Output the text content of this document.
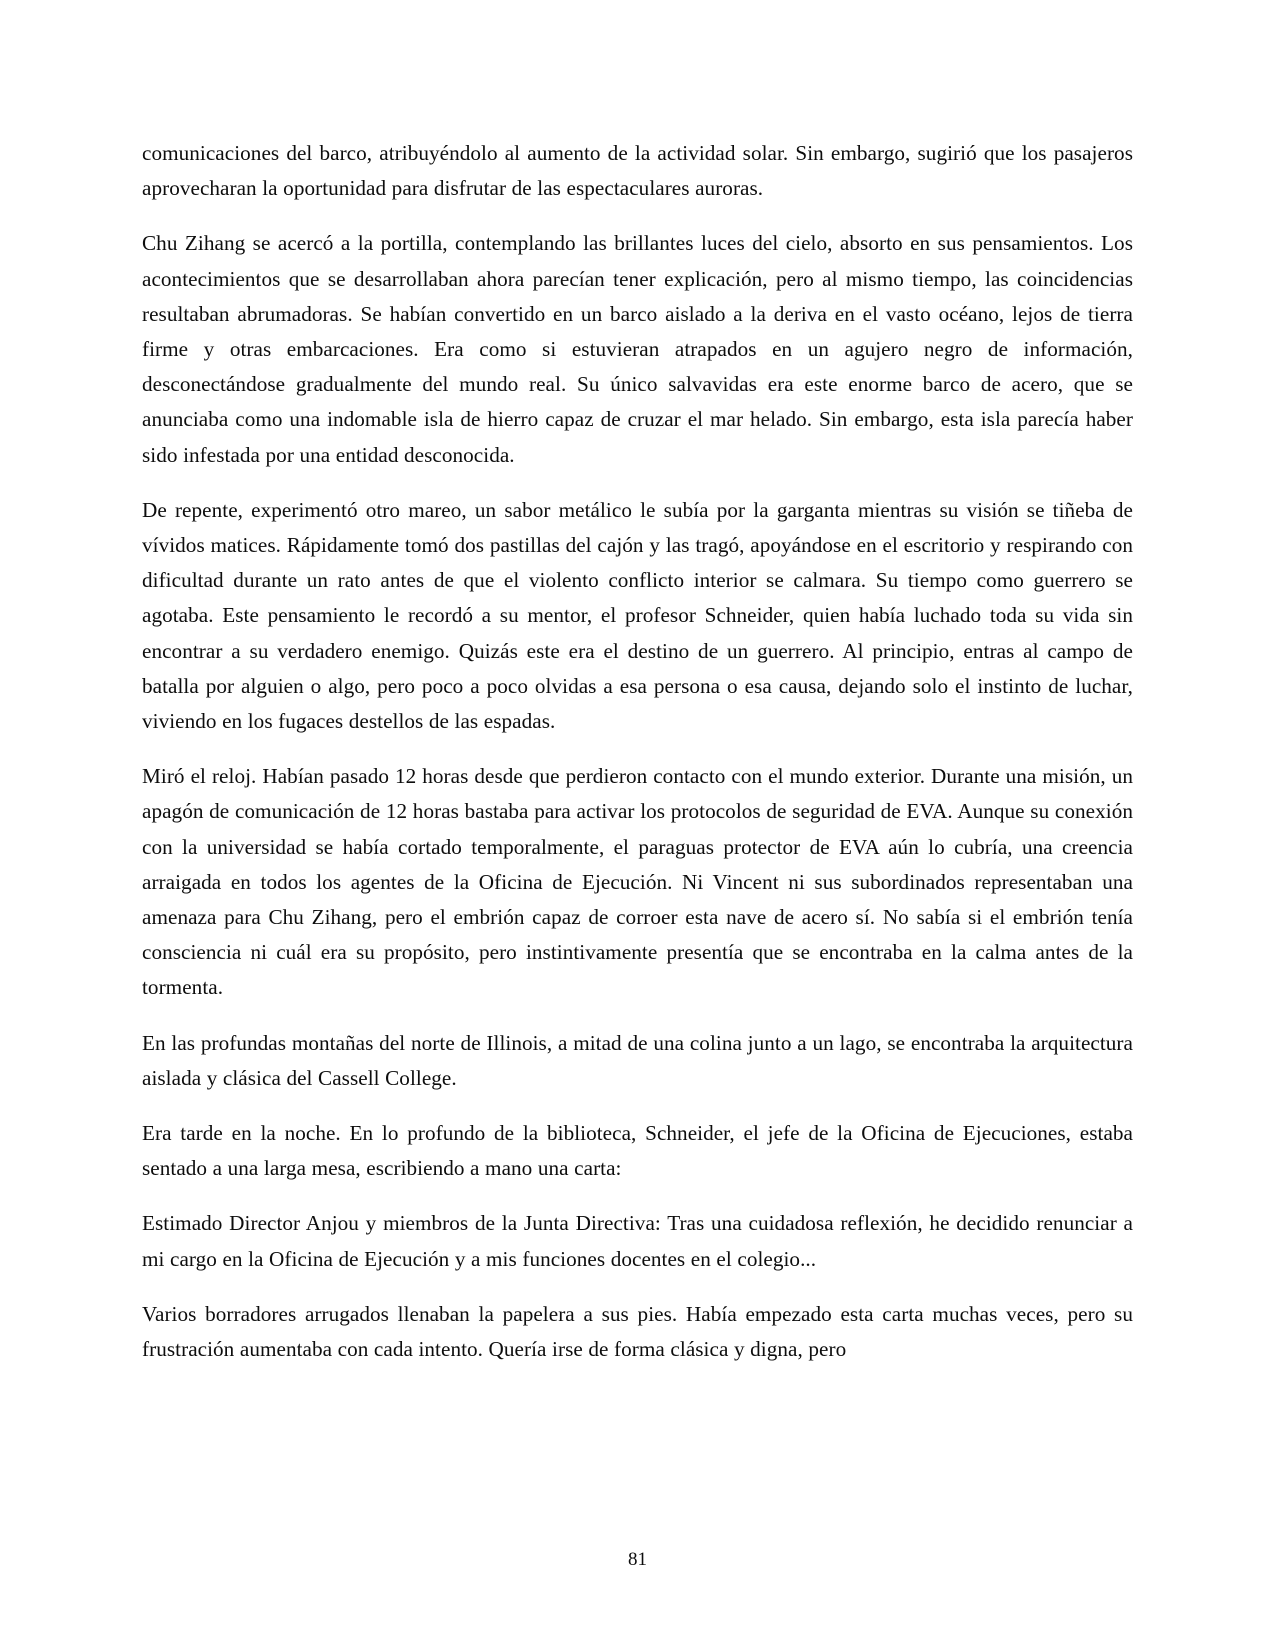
comunicaciones del barco, atribuyéndolo al aumento de la actividad solar. Sin embargo, sugirió que los pasajeros aprovecharan la oportunidad para disfrutar de las espectaculares auroras.

Chu Zihang se acercó a la portilla, contemplando las brillantes luces del cielo, absorto en sus pensamientos. Los acontecimientos que se desarrollaban ahora parecían tener explicación, pero al mismo tiempo, las coincidencias resultaban abrumadoras. Se habían convertido en un barco aislado a la deriva en el vasto océano, lejos de tierra firme y otras embarcaciones. Era como si estuvieran atrapados en un agujero negro de información, desconectándose gradualmente del mundo real. Su único salvavidas era este enorme barco de acero, que se anunciaba como una indomable isla de hierro capaz de cruzar el mar helado. Sin embargo, esta isla parecía haber sido infestada por una entidad desconocida.

De repente, experimentó otro mareo, un sabor metálico le subía por la garganta mientras su visión se tiñeba de vívidos matices. Rápidamente tomó dos pastillas del cajón y las tragó, apoyándose en el escritorio y respirando con dificultad durante un rato antes de que el violento conflicto interior se calmara. Su tiempo como guerrero se agotaba. Este pensamiento le recordó a su mentor, el profesor Schneider, quien había luchado toda su vida sin encontrar a su verdadero enemigo. Quizás este era el destino de un guerrero. Al principio, entras al campo de batalla por alguien o algo, pero poco a poco olvidas a esa persona o esa causa, dejando solo el instinto de luchar, viviendo en los fugaces destellos de las espadas.

Miró el reloj. Habían pasado 12 horas desde que perdieron contacto con el mundo exterior. Durante una misión, un apagón de comunicación de 12 horas bastaba para activar los protocolos de seguridad de EVA. Aunque su conexión con la universidad se había cortado temporalmente, el paraguas protector de EVA aún lo cubría, una creencia arraigada en todos los agentes de la Oficina de Ejecución. Ni Vincent ni sus subordinados representaban una amenaza para Chu Zihang, pero el embrión capaz de corroer esta nave de acero sí. No sabía si el embrión tenía consciencia ni cuál era su propósito, pero instintivamente presentía que se encontraba en la calma antes de la tormenta.

En las profundas montañas del norte de Illinois, a mitad de una colina junto a un lago, se encontraba la arquitectura aislada y clásica del Cassell College.

Era tarde en la noche. En lo profundo de la biblioteca, Schneider, el jefe de la Oficina de Ejecuciones, estaba sentado a una larga mesa, escribiendo a mano una carta:

Estimado Director Anjou y miembros de la Junta Directiva: Tras una cuidadosa reflexión, he decidido renunciar a mi cargo en la Oficina de Ejecución y a mis funciones docentes en el colegio...

Varios borradores arrugados llenaban la papelera a sus pies. Había empezado esta carta muchas veces, pero su frustración aumentaba con cada intento. Quería irse de forma clásica y digna, pero

81
